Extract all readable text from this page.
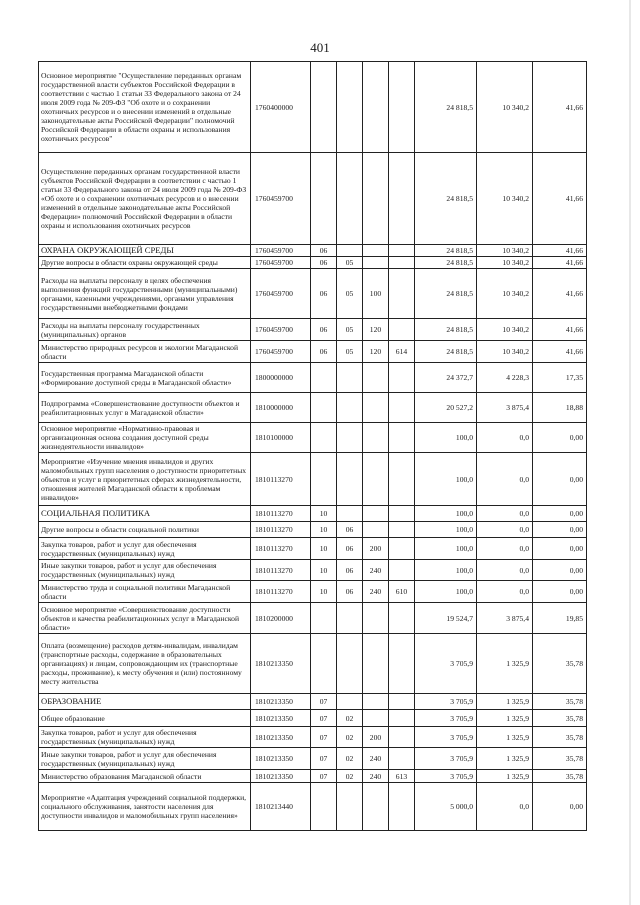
401
Основное мероприятие "Осуществление переданных органам государственной власти субъектов Российской Федерации в соответствии с частью 1 статьи 33 Федерального закона от 24 июля 2009 года № 209-ФЗ "Об охоте и о сохранении охотничьих ресурсов и о внесении изменений в отдельные законодательные акты Российской Федерации" полномочий Российской Федерации в области охраны и использования охотничьих ресурсов"	1760400000					24 818,5	10 340,2	41,66
Осуществление переданных органам государственной власти субъектов Российской Федерации в соответствии с частью 1 статьи 33 Федерального закона от 24 июля 2009 года № 209-ФЗ «Об охоте и о сохранении охотничьих ресурсов и о внесении изменений в отдельные законодательные акты Российской Федерации» полномочий Российской Федерации в области охраны и использования охотничьих ресурсов	1760459700					24 818,5	10 340,2	41,66
ОХРАНА ОКРУЖАЮЩЕЙ СРЕДЫ	1760459700	06				24 818,5	10 340,2	41,66
Другие вопросы в области охраны окружающей среды	1760459700	06	05			24 818,5	10 340,2	41,66
Расходы на выплаты персоналу в целях обеспечения выполнения функций государственными (муниципальными) органами, казенными учреждениями, органами управления государственными внебюджетными фондами	1760459700	06	05	100		24 818,5	10 340,2	41,66
Расходы на выплаты персоналу государственных (муниципальных) органов	1760459700	06	05	120		24 818,5	10 340,2	41,66
Министерство природных ресурсов и экологии Магаданской области	1760459700	06	05	120	614	24 818,5	10 340,2	41,66
Государственная программа Магаданской области «Формирование доступной среды в Магаданской области»	1800000000					24 372,7	4 228,3	17,35
Подпрограмма «Совершенствование доступности объектов и реабилитационных услуг в Магаданской области»	1810000000					20 527,2	3 875,4	18,88
Основное мероприятие «Нормативно-правовая и организационная основа создания доступной среды жизнедеятельности инвалидов»	1810100000					100,0	0,0	0,00
Мероприятие «Изучение мнения инвалидов и других маломобильных групп населения о доступности приоритетных объектов и услуг в приоритетных сферах жизнедеятельности, отношения жителей Магаданской области к проблемам инвалидов»	1810113270					100,0	0,0	0,00
СОЦИАЛЬНАЯ ПОЛИТИКА	1810113270	10				100,0	0,0	0,00
Другие вопросы в области социальной политики	1810113270	10	06			100,0	0,0	0,00
Закупка товаров, работ и услуг для обеспечения государственных (муниципальных) нужд	1810113270	10	06	200		100,0	0,0	0,00
Иные закупки товаров, работ и услуг для обеспечения государственных (муниципальных) нужд	1810113270	10	06	240		100,0	0,0	0,00
Министерство труда и социальной политики Магаданской области	1810113270	10	06	240	610	100,0	0,0	0,00
Основное мероприятие «Совершенствование доступности объектов и качества реабилитационных услуг в Магаданской области»	1810200000					19 524,7	3 875,4	19,85
Оплата (возмещение) расходов детям-инвалидам, инвалидам (транспортные расходы, содержание в образовательных организациях) и лицам, сопровождающим их (транспортные расходы, проживание), к месту обучения и (или) постоянному месту жительства	1810213350					3 705,9	1 325,9	35,78
ОБРАЗОВАНИЕ	1810213350	07				3 705,9	1 325,9	35,78
Общее образование	1810213350	07	02			3 705,9	1 325,9	35,78
Закупка товаров, работ и услуг для обеспечения государственных (муниципальных) нужд	1810213350	07	02	200		3 705,9	1 325,9	35,78
Иные закупки товаров, работ и услуг для обеспечения государственных (муниципальных) нужд	1810213350	07	02	240		3 705,9	1 325,9	35,78
Министерство образования Магаданской области	1810213350	07	02	240	613	3 705,9	1 325,9	35,78
Мероприятие «Адаптация учреждений социальной поддержки, социального обслуживания, занятости населения для доступности инвалидов и маломобильных групп населения»	1810213440					5 000,0	0,0	0,00
